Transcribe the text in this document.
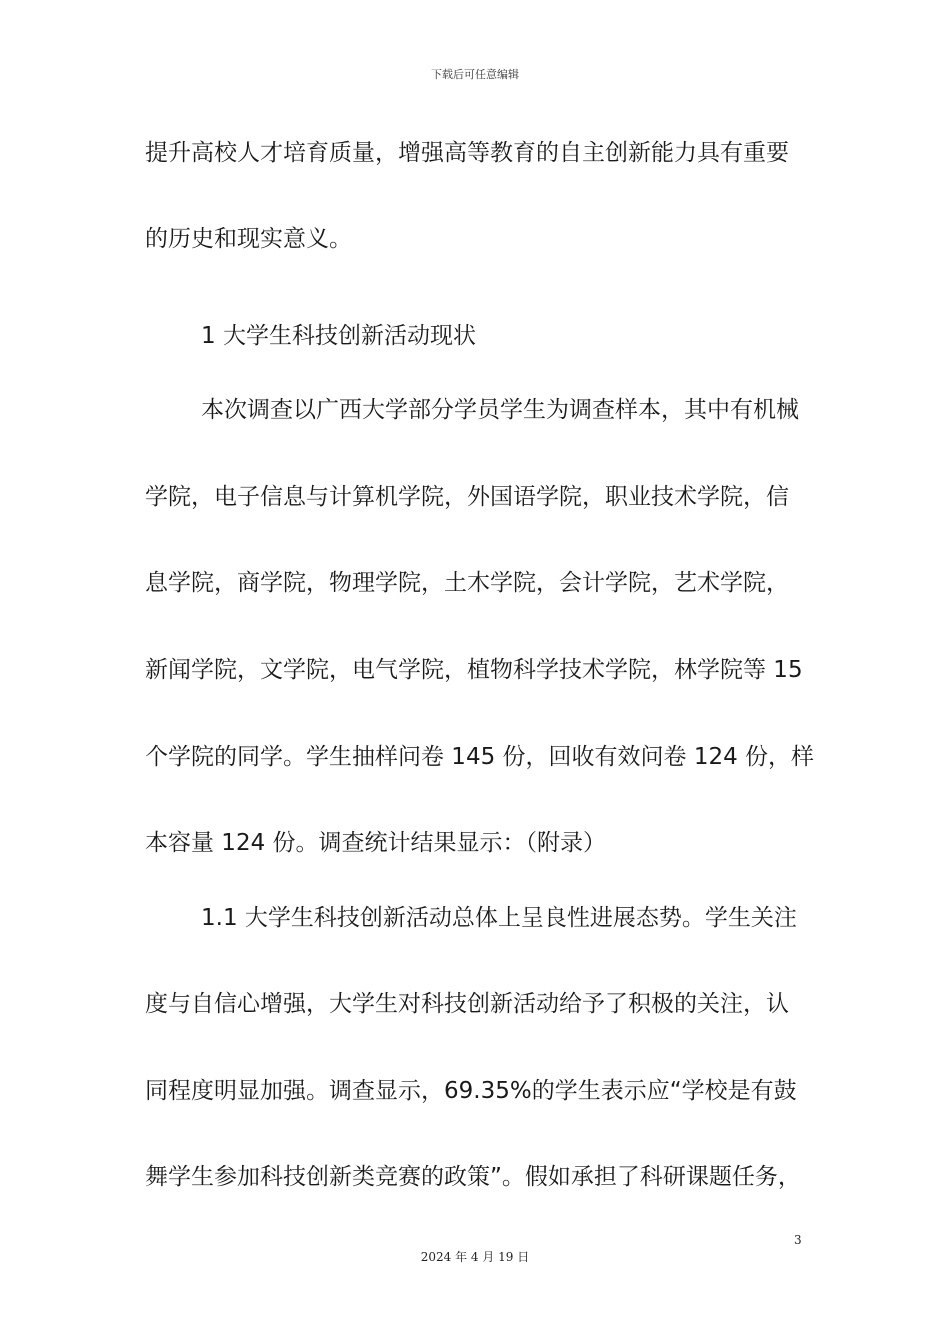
下载后可任意编辑
提升高校人才培育质量，增强高等教育的自主创新能力具有重要
的历史和现实意义。
1 大学生科技创新活动现状
本次调查以广西大学部分学员学生为调查样本，其中有机械
学院，电子信息与计算机学院，外国语学院，职业技术学院，信
息学院，商学院，物理学院，土木学院，会计学院，艺术学院，
新闻学院，文学院，电气学院，植物科学技术学院，林学院等 15
个学院的同学。学生抽样问卷 145 份，回收有效问卷 124 份，样
本容量 124 份。调查统计结果显示：（附录）
1.1 大学生科技创新活动总体上呈良性进展态势。学生关注
度与自信心增强，大学生对科技创新活动给予了积极的关注，认
同程度明显加强。调查显示，69.35%的学生表示应“学校是有鼓
舞学生参加科技创新类竞赛的政策”。假如承担了科研课题任务，
3
2024 年 4 月 19 日
